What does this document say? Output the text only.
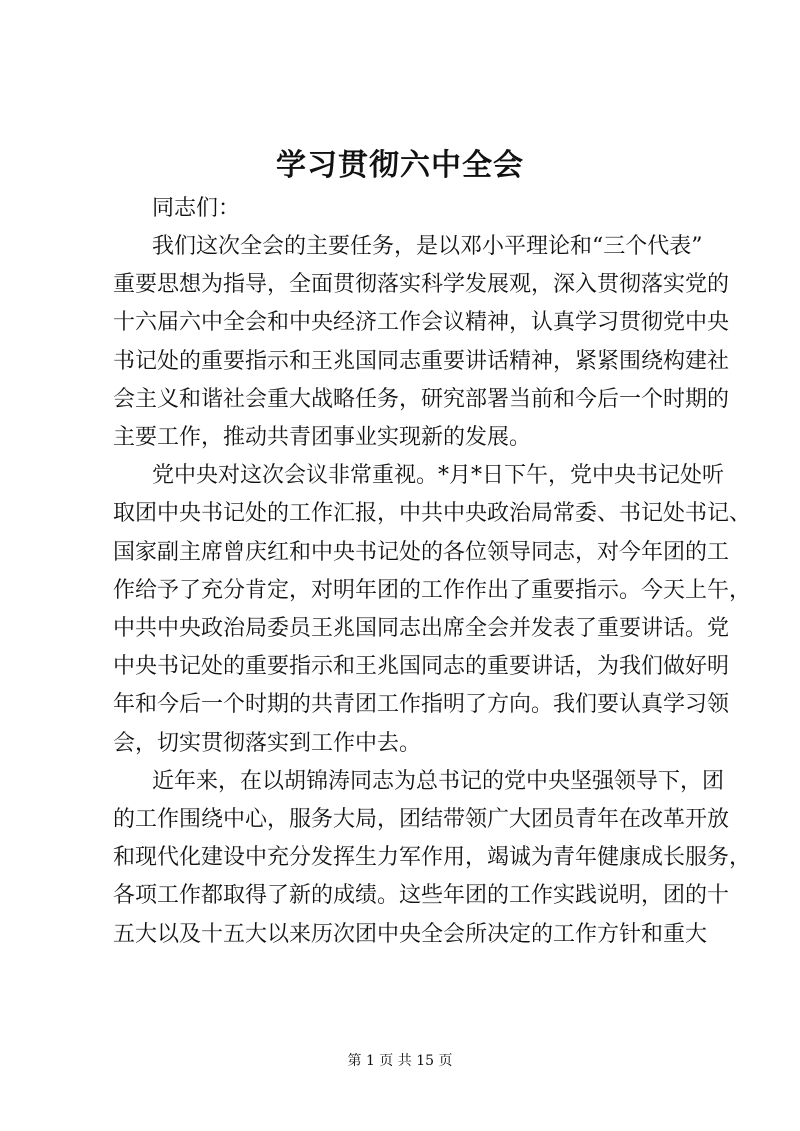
学习贯彻六中全会

同志们：

我们这次全会的主要任务，是以邓小平理论和“三个代表”
重要思想为指导，全面贯彻落实科学发展观，深入贯彻落实党的
十六届六中全会和中央经济工作会议精神，认真学习贯彻党中央
书记处的重要指示和王兆国同志重要讲话精神，紧紧围绕构建社
会主义和谐社会重大战略任务，研究部署当前和今后一个时期的
主要工作，推动共青团事业实现新的发展。

党中央对这次会议非常重视。*月*日下午，党中央书记处听
取团中央书记处的工作汇报，中共中央政治局常委、书记处书记、
国家副主席曾庆红和中央书记处的各位领导同志，对今年团的工
作给予了充分肯定，对明年团的工作作出了重要指示。今天上午，
中共中央政治局委员王兆国同志出席全会并发表了重要讲话。党
中央书记处的重要指示和王兆国同志的重要讲话，为我们做好明
年和今后一个时期的共青团工作指明了方向。我们要认真学习领
会，切实贯彻落实到工作中去。

近年来，在以胡锦涛同志为总书记的党中央坚强领导下，团
的工作围绕中心，服务大局，团结带领广大团员青年在改革开放
和现代化建设中充分发挥生力军作用，竭诚为青年健康成长服务，
各项工作都取得了新的成绩。这些年团的工作实践说明，团的十
五大以及十五大以来历次团中央全会所决定的工作方针和重大

第 1 页 共 15 页
